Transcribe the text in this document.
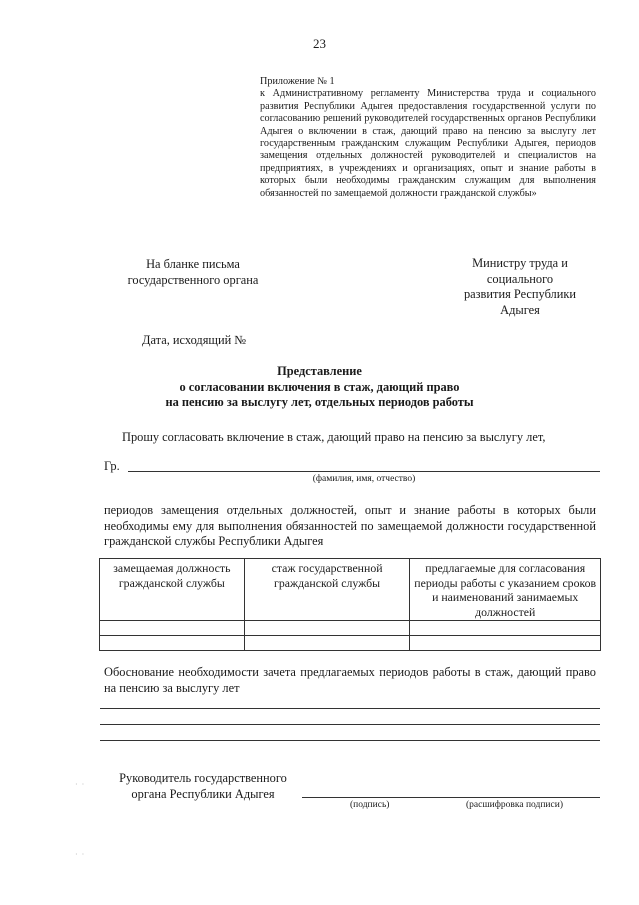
23
Приложение № 1
к Административному регламенту Министерства труда и социального развития Республики Адыгея предоставления государственной услуги по согласованию решений руководителей государственных органов Республики Адыгея о включении в стаж, дающий право на пенсию за выслугу лет государственным гражданским служащим Республики Адыгея, периодов замещения отдельных должностей руководителей и специалистов на предприятиях, в учреждениях и организациях, опыт и знание работы в которых были необходимы гражданским служащим для выполнения обязанностей по замещаемой должности гражданской службы»
На бланке письма
государственного органа
Министру труда и
социального
развития Республики
Адыгея
Дата, исходящий №
Представление
о согласовании включения в стаж, дающий право
на пенсию за выслугу лет, отдельных периодов работы
Прошу согласовать включение в стаж, дающий право на пенсию за выслугу лет,
Гр.
(фамилия, имя, отчество)
периодов замещения отдельных должностей, опыт и знание работы в которых были необходимы ему для выполнения обязанностей по замещаемой должности государственной гражданской службы Республики Адыгея
замещаемая должность гражданской службы	стаж государственной гражданской службы	предлагаемые для согласования периоды работы с указанием сроков и наименований занимаемых должностей

Обоснование необходимости зачета предлагаемых периодов работы в стаж, дающий право на пенсию за выслугу лет
Руководитель государственного органа Республики Адыгея
(подпись)	(расшифровка подписи)
· ·
· ·
